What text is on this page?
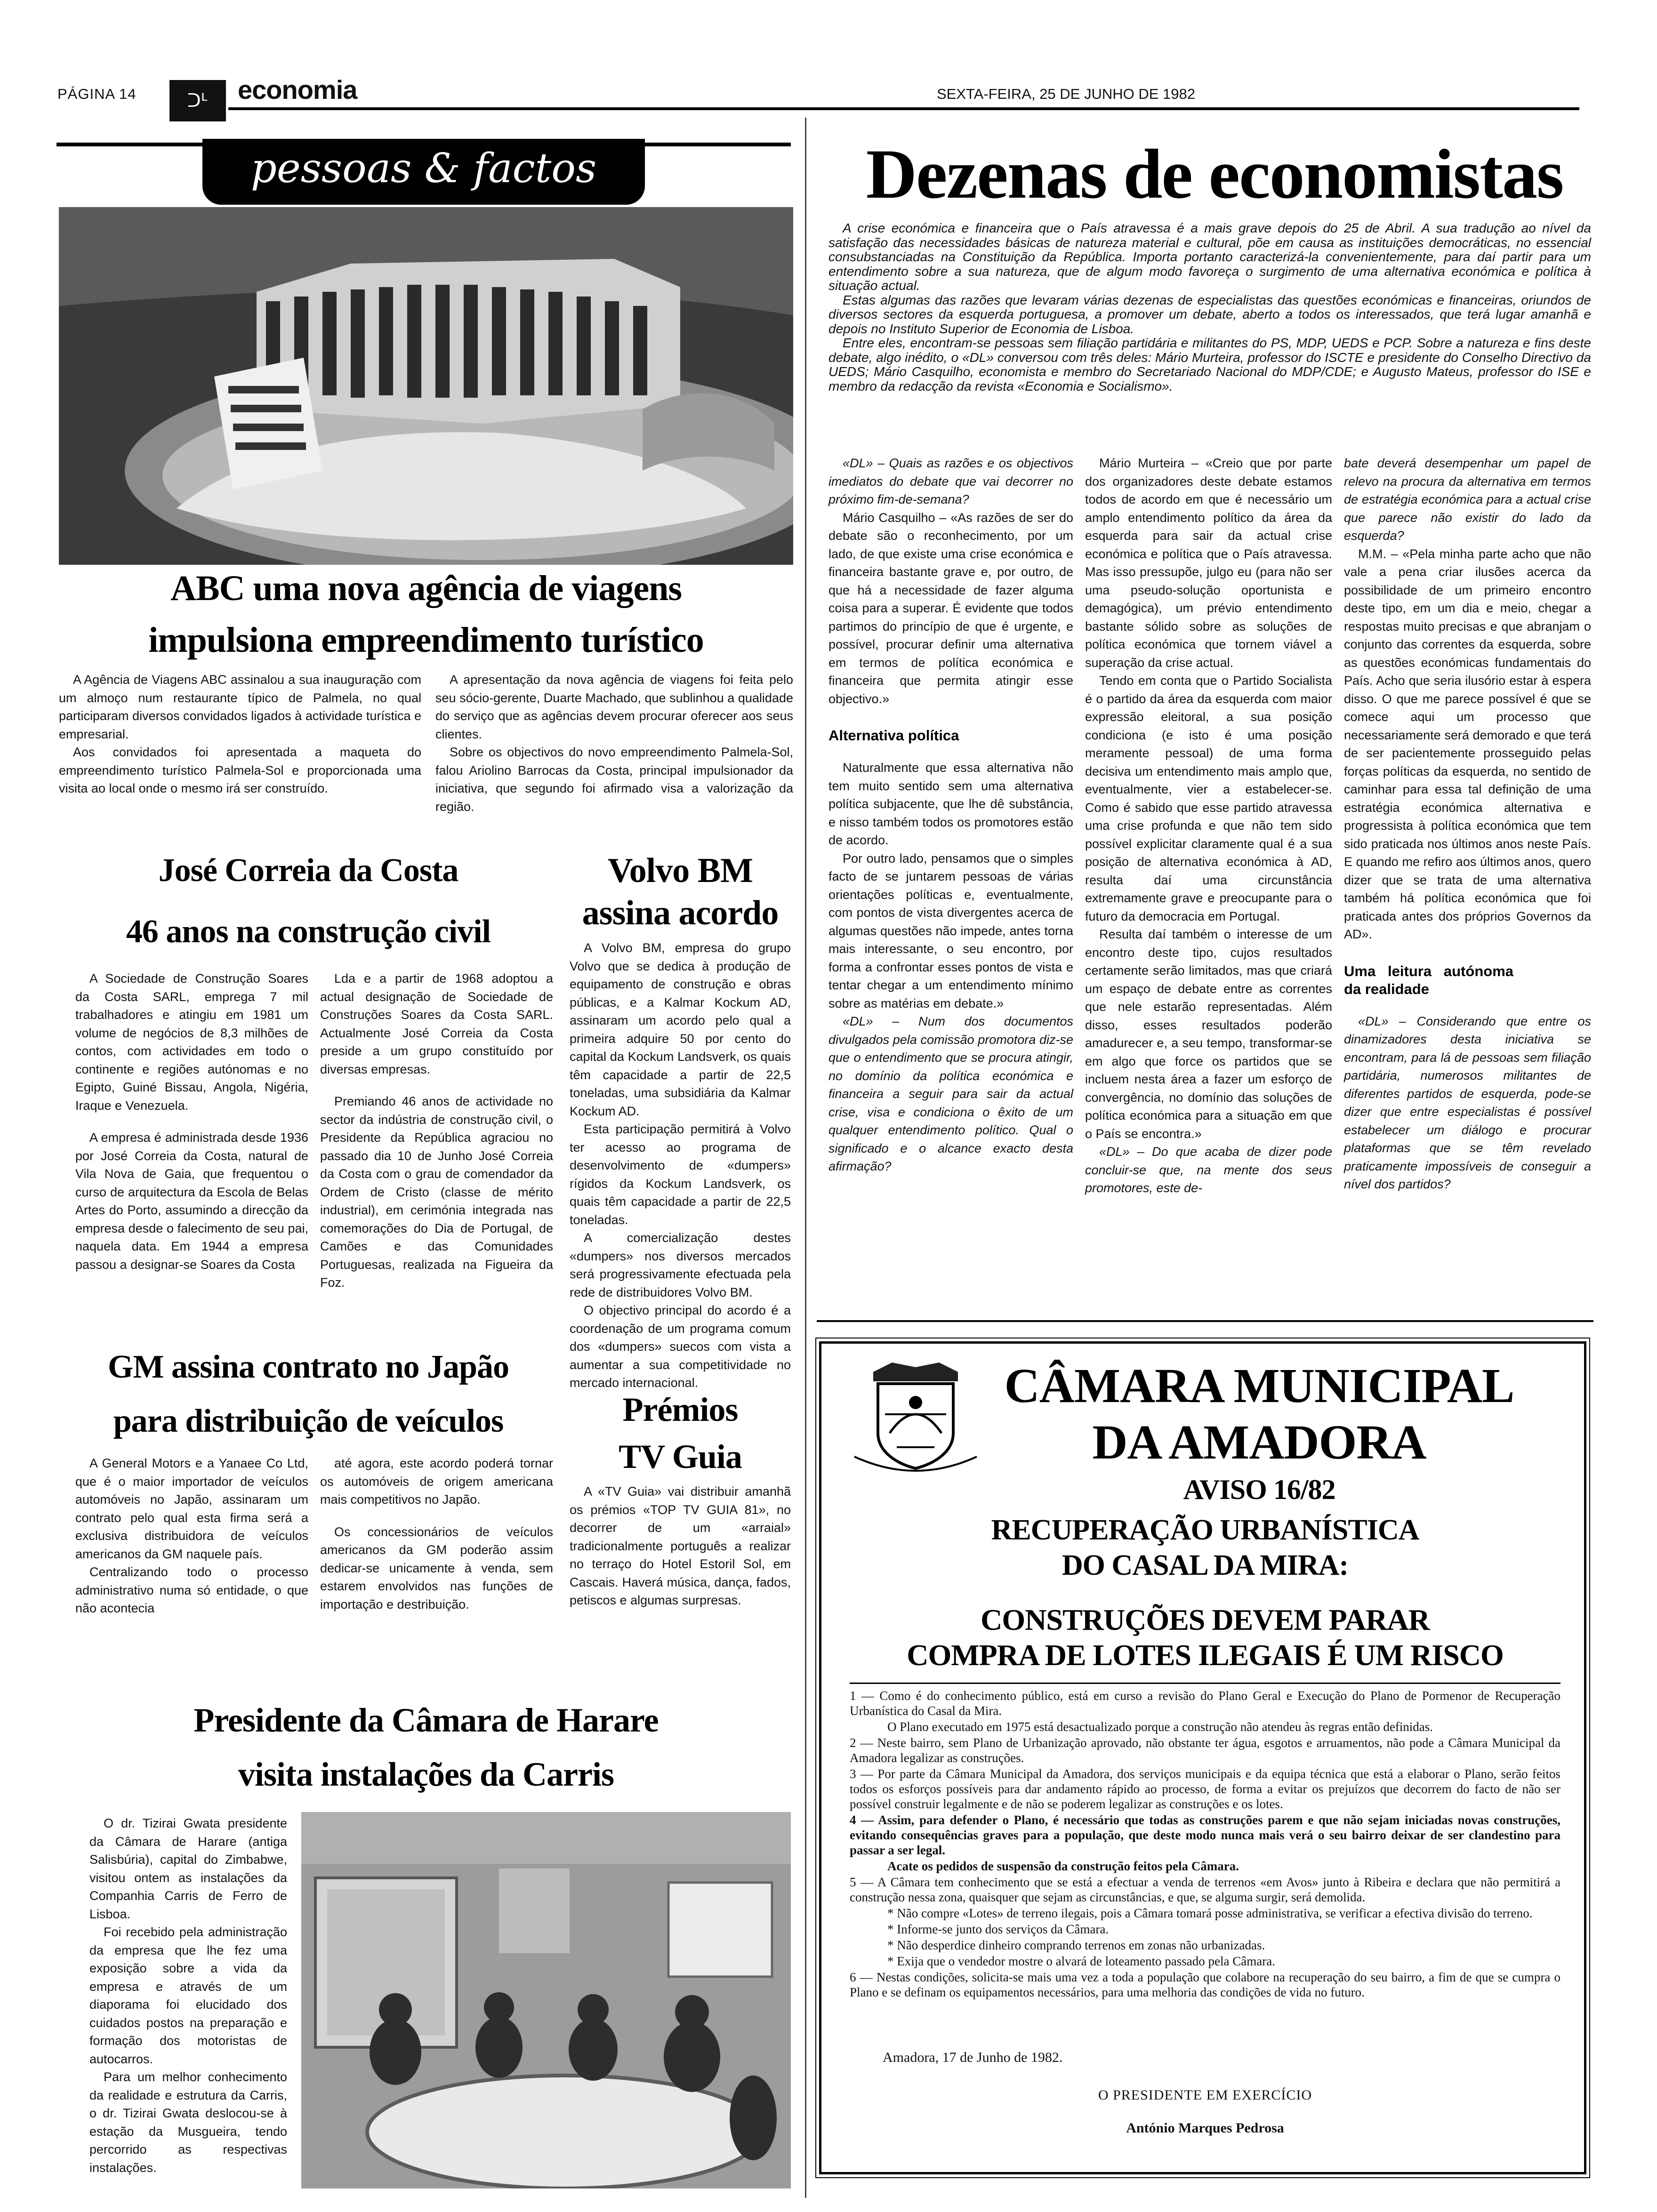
PÁGINA 14	ᑐᒻ	economia	SEXTA-FEIRA, 25 DE JUNHO DE 1982
pessoas & factos
ABC uma nova agência de viagens
impulsiona empreendimento turístico

A Agência de Viagens ABC assinalou a sua inauguração com um almoço num restaurante típico de Palmela, no qual participaram diversos convidados ligados à actividade turística e empresarial.

Aos convidados foi apresentada a maqueta do empreendimento turístico Palmela-Sol e proporcionada uma visita ao local onde o mesmo irá ser construído.

A apresentação da nova agência de viagens foi feita pelo seu sócio-gerente, Duarte Machado, que sublinhou a qualidade do serviço que as agências devem procurar oferecer aos seus clientes.

Sobre os objectivos do novo empreendimento Palmela-Sol, falou Ariolino Barrocas da Costa, principal impulsionador da iniciativa, que segundo foi afirmado visa a valorização da região.

José Correia da Costa
46 anos na construção civil

A Sociedade de Construção Soares da Costa SARL, emprega 7 mil trabalhadores e atingiu em 1981 um volume de negócios de 8,3 milhões de contos, com actividades em todo o continente e regiões autónomas e no Egipto, Guiné Bissau, Angola, Nigéria, Iraque e Venezuela.

A empresa é administrada desde 1936 por José Correia da Costa, natural de Vila Nova de Gaia, que frequentou o curso de arquitectura da Escola de Belas Artes do Porto, assumindo a direcção da empresa desde o falecimento de seu pai, naquela data. Em 1944 a empresa passou a designar-se Soares da Costa

Lda e a partir de 1968 adoptou a actual designação de Sociedade de Construções Soares da Costa SARL. Actualmente José Correia da Costa preside a um grupo constituído por diversas empresas.

Premiando 46 anos de actividade no sector da indústria de construção civil, o Presidente da República agraciou no passado dia 10 de Junho José Correia da Costa com o grau de comendador da Ordem de Cristo (classe de mérito industrial), em cerimónia integrada nas comemorações do Dia de Portugal, de Camões e das Comunidades Portuguesas, realizada na Figueira da Foz.

Volvo BM
assina acordo

A Volvo BM, empresa do grupo Volvo que se dedica à produção de equipamento de construção e obras públicas, e a Kalmar Kockum AD, assinaram um acordo pelo qual a primeira adquire 50 por cento do capital da Kockum Landsverk, os quais têm capacidade a partir de 22,5 toneladas, uma subsidiária da Kalmar Kockum AD.

Esta participação permitirá à Volvo ter acesso ao programa de desenvolvimento de «dumpers» rígidos da Kockum Landsverk, os quais têm capacidade a partir de 22,5 toneladas.

A comercialização destes «dumpers» nos diversos mercados será progressivamente efectuada pela rede de distribuidores Volvo BM.

O objectivo principal do acordo é a coordenação de um programa comum dos «dumpers» suecos com vista a aumentar a sua competitividade no mercado internacional.

GM assina contrato no Japão
para distribuição de veículos

A General Motors e a Yanaee Co Ltd, que é o maior importador de veículos automóveis no Japão, assinaram um contrato pelo qual esta firma será a exclusiva distribuidora de veículos americanos da GM naquele país.

Centralizando todo o processo administrativo numa só entidade, o que não acontecia

até agora, este acordo poderá tornar os automóveis de origem americana mais competitivos no Japão.

Os concessionários de veículos americanos da GM poderão assim dedicar-se unicamente à venda, sem estarem envolvidos nas funções de importação e destribuição.

Prémios
TV Guia

A «TV Guia» vai distribuir amanhã os prémios «TOP TV GUIA 81», no decorrer de um «arraial» tradicionalmente português a realizar no terraço do Hotel Estoril Sol, em Cascais. Haverá música, dança, fados, petiscos e algumas surpresas.

Presidente da Câmara de Harare
visita instalações da Carris

O dr. Tizirai Gwata presidente da Câmara de Harare (antiga Salisbúria), capital do Zimbabwe, visitou ontem as instalações da Companhia Carris de Ferro de Lisboa.

Foi recebido pela administração da empresa que lhe fez uma exposição sobre a vida da empresa e através de um diaporama foi elucidado dos cuidados postos na preparação e formação dos motoristas de autocarros.

Para um melhor conhecimento da realidade e estrutura da Carris, o dr. Tizirai Gwata deslocou-se à estação da Musgueira, tendo percorrido as respectivas instalações.

Dezenas de economistas

A crise económica e financeira que o País atravessa é a mais grave depois do 25 de Abril. A sua tradução ao nível da satisfação das necessidades básicas de natureza material e cultural, põe em causa as instituições democráticas, no essencial consubstanciadas na Constituição da República. Importa portanto caracterizá-la convenientemente, para daí partir para um entendimento sobre a sua natureza, que de algum modo favoreça o surgimento de uma alternativa económica e política à situação actual.

Estas algumas das razões que levaram várias dezenas de especialistas das questões económicas e financeiras, oriundos de diversos sectores da esquerda portuguesa, a promover um debate, aberto a todos os interessados, que terá lugar amanhã e depois no Instituto Superior de Economia de Lisboa.

Entre eles, encontram-se pessoas sem filiação partidária e militantes do PS, MDP, UEDS e PCP. Sobre a natureza e fins deste debate, algo inédito, o «DL» conversou com três deles: Mário Murteira, professor do ISCTE e presidente do Conselho Directivo da UEDS; Mário Casquilho, economista e membro do Secretariado Nacional do MDP/CDE; e Augusto Mateus, professor do ISE e membro da redacção da revista «Economia e Socialismo».

«DL» – Quais as razões e os objectivos imediatos do debate que vai decorrer no próximo fim-de-semana?

Mário Casquilho – «As razões de ser do debate são o reconhecimento, por um lado, de que existe uma crise económica e financeira bastante grave e, por outro, de que há a necessidade de fazer alguma coisa para a superar. É evidente que todos partimos do princípio de que é urgente, e possível, procurar definir uma alternativa em termos de política económica e financeira que permita atingir esse objectivo.»

Alternativa política

Naturalmente que essa alternativa não tem muito sentido sem uma alternativa política subjacente, que lhe dê substância, e nisso também todos os promotores estão de acordo.

Por outro lado, pensamos que o simples facto de se juntarem pessoas de várias orientações políticas e, eventualmente, com pontos de vista divergentes acerca de algumas questões não impede, antes torna mais interessante, o seu encontro, por forma a confrontar esses pontos de vista e tentar chegar a um entendimento mínimo sobre as matérias em debate.»

«DL» – Num dos documentos divulgados pela comissão promotora diz-se que o entendimento que se procura atingir, no domínio da política económica e financeira a seguir para sair da actual crise, visa e condiciona o êxito de um qualquer entendimento político. Qual o significado e o alcance exacto desta afirmação?

Mário Murteira – «Creio que por parte dos organizadores deste debate estamos todos de acordo em que é necessário um amplo entendimento político da área da esquerda para sair da actual crise económica e política que o País atravessa. Mas isso pressupõe, julgo eu (para não ser uma pseudo-solução oportunista e demagógica), um prévio entendimento bastante sólido sobre as soluções de política económica que tornem viável a superação da crise actual.

Tendo em conta que o Partido Socialista é o partido da área da esquerda com maior expressão eleitoral, a sua posição condiciona (e isto é uma posição meramente pessoal) de uma forma decisiva um entendimento mais amplo que, eventualmente, vier a estabelecer-se. Como é sabido que esse partido atravessa uma crise profunda e que não tem sido possível explicitar claramente qual é a sua posição de alternativa económica à AD, resulta daí uma circunstância extremamente grave e preocupante para o futuro da democracia em Portugal.

Resulta daí também o interesse de um encontro deste tipo, cujos resultados certamente serão limitados, mas que criará um espaço de debate entre as correntes que nele estarão representadas. Além disso, esses resultados poderão amadurecer e, a seu tempo, transformar-se em algo que force os partidos que se incluem nesta área a fazer um esforço de convergência, no domínio das soluções de política económica para a situação em que o País se encontra.»

«DL» – Do que acaba de dizer pode concluir-se que, na mente dos seus promotores, este de-

bate deverá desempenhar um papel de relevo na procura da alternativa em termos de estratégia económica para a actual crise que parece não existir do lado da esquerda?

M.M. – «Pela minha parte acho que não vale a pena criar ilusões acerca da possibilidade de um primeiro encontro deste tipo, em um dia e meio, chegar a respostas muito precisas e que abranjam o conjunto das correntes da esquerda, sobre as questões económicas fundamentais do País. Acho que seria ilusório estar à espera disso. O que me parece possível é que se comece aqui um processo que necessariamente será demorado e que terá de ser pacientemente prosseguido pelas forças políticas da esquerda, no sentido de caminhar para essa tal definição de uma estratégia económica alternativa e progressista à política económica que tem sido praticada nos últimos anos neste País. E quando me refiro aos últimos anos, quero dizer que se trata de uma alternativa também há política económica que foi praticada antes dos próprios Governos da AD».

Uma leitura autónoma da realidade

«DL» – Considerando que entre os dinamizadores desta iniciativa se encontram, para lá de pessoas sem filiação partidária, numerosos militantes de diferentes partidos de esquerda, pode-se dizer que entre especialistas é possível estabelecer um diálogo e procurar plataformas que se têm revelado praticamente impossíveis de conseguir a nível dos partidos?

CÂMARA MUNICIPAL
DA AMADORA
AVISO 16/82
RECUPERAÇÃO URBANÍSTICA
DO CASAL DA MIRA:
CONSTRUÇÕES DEVEM PARAR
COMPRA DE LOTES ILEGAIS É UM RISCO

1 — Como é do conhecimento público, está em curso a revisão do Plano Geral e Execução do Plano de Pormenor de Recuperação Urbanística do Casal da Mira.

O Plano executado em 1975 está desactualizado porque a construção não atendeu às regras então definidas.

2 — Neste bairro, sem Plano de Urbanização aprovado, não obstante ter água, esgotos e arruamentos, não pode a Câmara Municipal da Amadora legalizar as construções.

3 — Por parte da Câmara Municipal da Amadora, dos serviços municipais e da equipa técnica que está a elaborar o Plano, serão feitos todos os esforços possíveis para dar andamento rápido ao processo, de forma a evitar os prejuízos que decorrem do facto de não ser possível construir legalmente e de não se poderem legalizar as construções e os lotes.

4 — Assim, para defender o Plano, é necessário que todas as construções parem e que não sejam iniciadas novas construções, evitando consequências graves para a população, que deste modo nunca mais verá o seu bairro deixar de ser clandestino para passar a ser legal.

Acate os pedidos de suspensão da construção feitos pela Câmara.

5 — A Câmara tem conhecimento que se está a efectuar a venda de terrenos «em Avos» junto à Ribeira e declara que não permitirá a construção nessa zona, quaisquer que sejam as circunstâncias, e que, se alguma surgir, será demolida.

* Não compre «Lotes» de terreno ilegais, pois a Câmara tomará posse administrativa, se verificar a efectiva divisão do terreno.

* Informe-se junto dos serviços da Câmara.

* Não desperdice dinheiro comprando terrenos em zonas não urbanizadas.

* Exija que o vendedor mostre o alvará de loteamento passado pela Câmara.

6 — Nestas condições, solicita-se mais uma vez a toda a população que colabore na recuperação do seu bairro, a fim de que se cumpra o Plano e se definam os equipamentos necessários, para uma melhoria das condições de vida no futuro.

Amadora, 17 de Junho de 1982.
O PRESIDENTE EM EXERCÍCIO
António Marques Pedrosa
